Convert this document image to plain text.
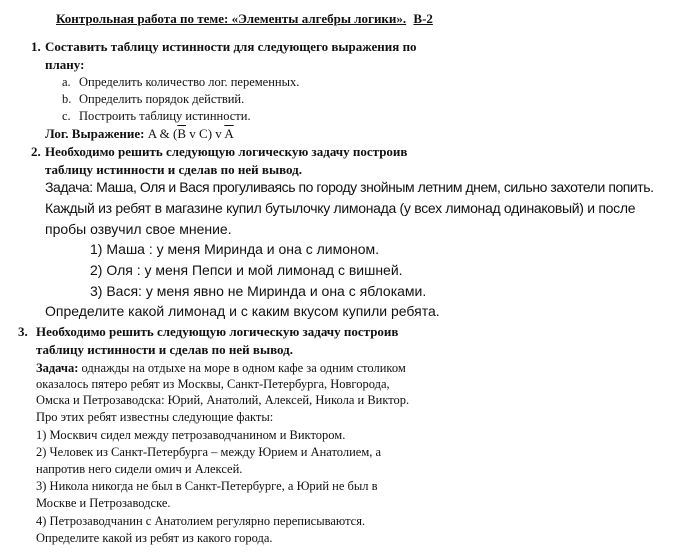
Контрольная работа по теме: «Элементы алгебры логики». В-2
1. Составить таблицу истинности для следующего выражения по
плану:
a. Определить количество лог. переменных.
b. Определить порядок действий.
c. Построить таблицу истинности.
Лог. Выражение: A & ($\overline{B}$ v C) v $\overline{A}$
2. Необходимо решить следующую логическую задачу построив
таблицу истинности и сделав по ней вывод.
Задача: Маша, Оля и Вася прогуливаясь по городу знойным летним днем, сильно захотели попить.
Каждый из ребят в магазине купил бутылочку лимонада (у всех лимонад одинаковый) и после
пробы озвучил свое мнение.
1) Маша : у меня Миринда и она с лимоном.
2) Оля : у меня Пепси и мой лимонад с вишней.
3) Вася: у меня явно не Миринда и она с яблоками.
Определите какой лимонад и с каким вкусом купили ребята.
3. Необходимо решить следующую логическую задачу построив
таблицу истинности и сделав по ней вывод.
Задача: однажды на отдыхе на море в одном кафе за одним столиком
оказалось пятеро ребят из Москвы, Санкт-Петербурга, Новгорода,
Омска и Петрозаводска: Юрий, Анатолий, Алексей, Никола и Виктор.
Про этих ребят известны следующие факты:
1) Москвич сидел между петрозаводчанином и Виктором.
2) Человек из Санкт-Петербурга – между Юрием и Анатолием, а
напротив него сидели омич и Алексей.
3) Никола никогда не был в Санкт-Петербурге, а Юрий не был в
Москве и Петрозаводске.
4) Петрозаводчанин с Анатолием регулярно переписываются.
Определите какой из ребят из какого города.
